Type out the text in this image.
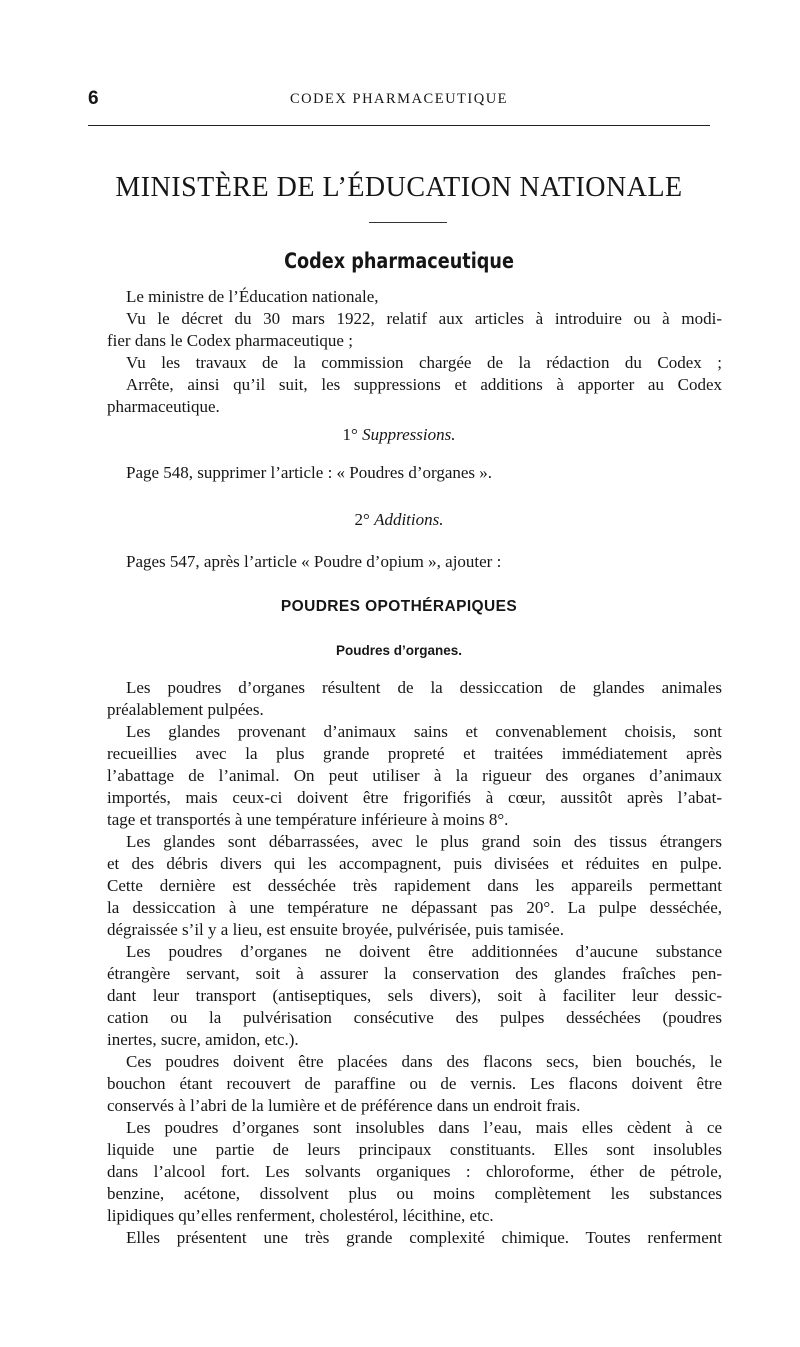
6	CODEX PHARMACEUTIQUE
MINISTÈRE DE L’ÉDUCATION NATIONALE
Codex pharmaceutique
Le ministre de l’Éducation nationale,
Vu le décret du 30 mars 1922, relatif aux articles à introduire ou à modi-
fier dans le Codex pharmaceutique ;
Vu les travaux de la commission chargée de la rédaction du Codex ;
Arrête, ainsi qu’il suit, les suppressions et additions à apporter au Codex
pharmaceutique.
1° Suppressions.
Page 548, supprimer l’article : « Poudres d’organes ».
2° Additions.
Pages 547, après l’article « Poudre d’opium », ajouter :
POUDRES OPOTHÉRAPIQUES
Poudres d’organes.
Les poudres d’organes résultent de la dessiccation de glandes animales
préalablement pulpées.
Les glandes provenant d’animaux sains et convenablement choisis, sont
recueillies avec la plus grande propreté et traitées immédiatement après
l’abattage de l’animal. On peut utiliser à la rigueur des organes d’animaux
importés, mais ceux-ci doivent être frigorifiés à cœur, aussitôt après l’abat-
tage et transportés à une température inférieure à moins 8°.
Les glandes sont débarrassées, avec le plus grand soin des tissus étrangers
et des débris divers qui les accompagnent, puis divisées et réduites en pulpe.
Cette dernière est desséchée très rapidement dans les appareils permettant
la dessiccation à une température ne dépassant pas 20°. La pulpe desséchée,
dégraissée s’il y a lieu, est ensuite broyée, pulvérisée, puis tamisée.
Les poudres d’organes ne doivent être additionnées d’aucune substance
étrangère servant, soit à assurer la conservation des glandes fraîches pen-
dant leur transport (antiseptiques, sels divers), soit à faciliter leur dessic-
cation ou la pulvérisation consécutive des pulpes desséchées (poudres
inertes, sucre, amidon, etc.).
Ces poudres doivent être placées dans des flacons secs, bien bouchés, le
bouchon étant recouvert de paraffine ou de vernis. Les flacons doivent être
conservés à l’abri de la lumière et de préférence dans un endroit frais.
Les poudres d’organes sont insolubles dans l’eau, mais elles cèdent à ce
liquide une partie de leurs principaux constituants. Elles sont insolubles
dans l’alcool fort. Les solvants organiques : chloroforme, éther de pétrole,
benzine, acétone, dissolvent plus ou moins complètement les substances
lipidiques qu’elles renferment, cholestérol, lécithine, etc.
Elles présentent une très grande complexité chimique. Toutes renferment
